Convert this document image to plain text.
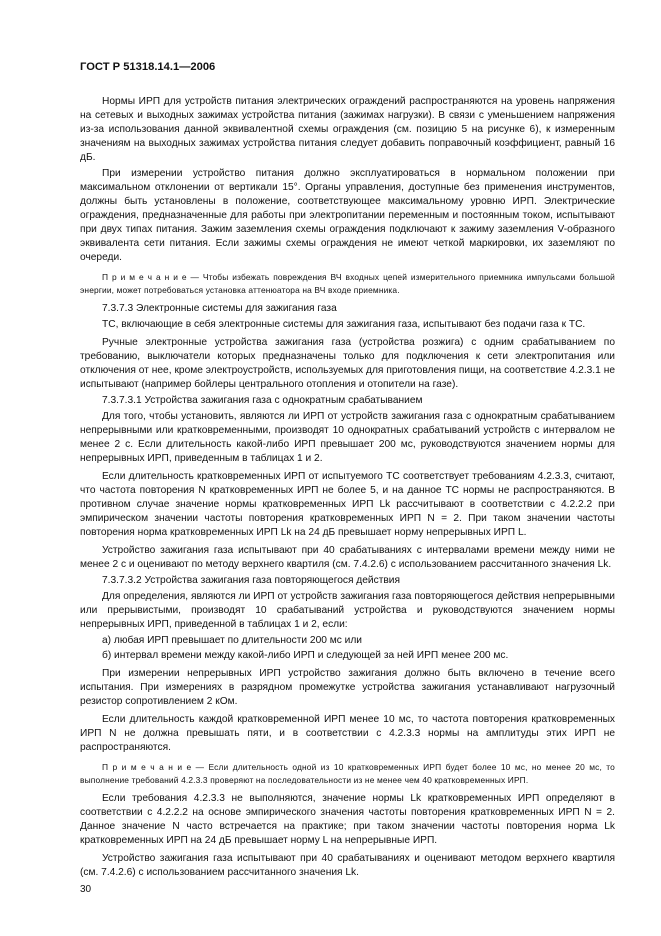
ГОСТ Р 51318.14.1—2006

Нормы ИРП для устройств питания электрических ограждений распространяются на уровень напряжения на сетевых и выходных зажимах устройства питания (зажимах нагрузки). В связи с уменьшением напряжения из-за использования данной эквивалентной схемы ограждения (см. позицию 5 на рисунке 6), к измеренным значениям на выходных зажимах устройства питания следует добавить поправочный коэффициент, равный 16 дБ.

При измерении устройство питания должно эксплуатироваться в нормальном положении при максимальном отклонении от вертикали 15°. Органы управления, доступные без применения инструментов, должны быть установлены в положение, соответствующее максимальному уровню ИРП. Электрические ограждения, предназначенные для работы при электропитании переменным и постоянным током, испытывают при двух типах питания. Зажим заземления схемы ограждения подключают к зажиму заземления V-образного эквивалента сети питания. Если зажимы схемы ограждения не имеют четкой маркировки, их заземляют по очереди.

П р и м е ч а н и е — Чтобы избежать повреждения ВЧ входных цепей измерительного приемника импульсами большой энергии, может потребоваться установка аттенюатора на ВЧ входе приемника.

7.3.7.3 Электронные системы для зажигания газа

ТС, включающие в себя электронные системы для зажигания газа, испытывают без подачи газа к ТС.

Ручные электронные устройства зажигания газа (устройства розжига) с одним срабатыванием по требованию, выключатели которых предназначены только для подключения к сети электропитания или отключения от нее, кроме электроустройств, используемых для приготовления пищи, на соответствие 4.2.3.1 не испытывают (например бойлеры центрального отопления и отопители на газе).

7.3.7.3.1 Устройства зажигания газа с однократным срабатыванием

Для того, чтобы установить, являются ли ИРП от устройств зажигания газа с однократным срабатыванием непрерывными или кратковременными, производят 10 однократных срабатываний устройств с интервалом не менее 2 с. Если длительность какой-либо ИРП превышает 200 мс, руководствуются значением нормы для непрерывных ИРП, приведенным в таблицах 1 и 2.

Если длительность кратковременных ИРП от испытуемого ТС соответствует требованиям 4.2.3.3, считают, что частота повторения N кратковременных ИРП не более 5, и на данное ТС нормы не распространяются. В противном случае значение нормы кратковременных ИРП Lk рассчитывают в соответствии с 4.2.2.2 при эмпирическом значении частоты повторения кратковременных ИРП N = 2. При таком значении частоты повторения норма кратковременных ИРП Lk на 24 дБ превышает норму непрерывных ИРП L.

Устройство зажигания газа испытывают при 40 срабатываниях с интервалами времени между ними не менее 2 с и оценивают по методу верхнего квартиля (см. 7.4.2.6) с использованием рассчитанного значения Lk.

7.3.7.3.2 Устройства зажигания газа повторяющегося действия

Для определения, являются ли ИРП от устройств зажигания газа повторяющегося действия непрерывными или прерывистыми, производят 10 срабатываний устройства и руководствуются значением нормы непрерывных ИРП, приведенной в таблицах 1 и 2, если:

а) любая ИРП превышает по длительности 200 мс или

б) интервал времени между какой-либо ИРП и следующей за ней ИРП менее 200 мс.

При измерении непрерывных ИРП устройство зажигания должно быть включено в течение всего испытания. При измерениях в разрядном промежутке устройства зажигания устанавливают нагрузочный резистор сопротивлением 2 кОм.

Если длительность каждой кратковременной ИРП менее 10 мс, то частота повторения кратковременных ИРП N не должна превышать пяти, и в соответствии с 4.2.3.3 нормы на амплитуды этих ИРП не распространяются.

П р и м е ч а н и е — Если длительность одной из 10 кратковременных ИРП будет более 10 мс, но менее 20 мс, то выполнение требований 4.2.3.3 проверяют на последовательности из не менее чем 40 кратковременных ИРП.

Если требования 4.2.3.3 не выполняются, значение нормы Lk кратковременных ИРП определяют в соответствии с 4.2.2.2 на основе эмпирического значения частоты повторения кратковременных ИРП N = 2. Данное значение N часто встречается на практике; при таком значении частоты повторения норма Lk кратковременных ИРП на 24 дБ превышает норму L на непрерывные ИРП.

Устройство зажигания газа испытывают при 40 срабатываниях и оценивают методом верхнего квартиля (см. 7.4.2.6) с использованием рассчитанного значения Lk.

30
